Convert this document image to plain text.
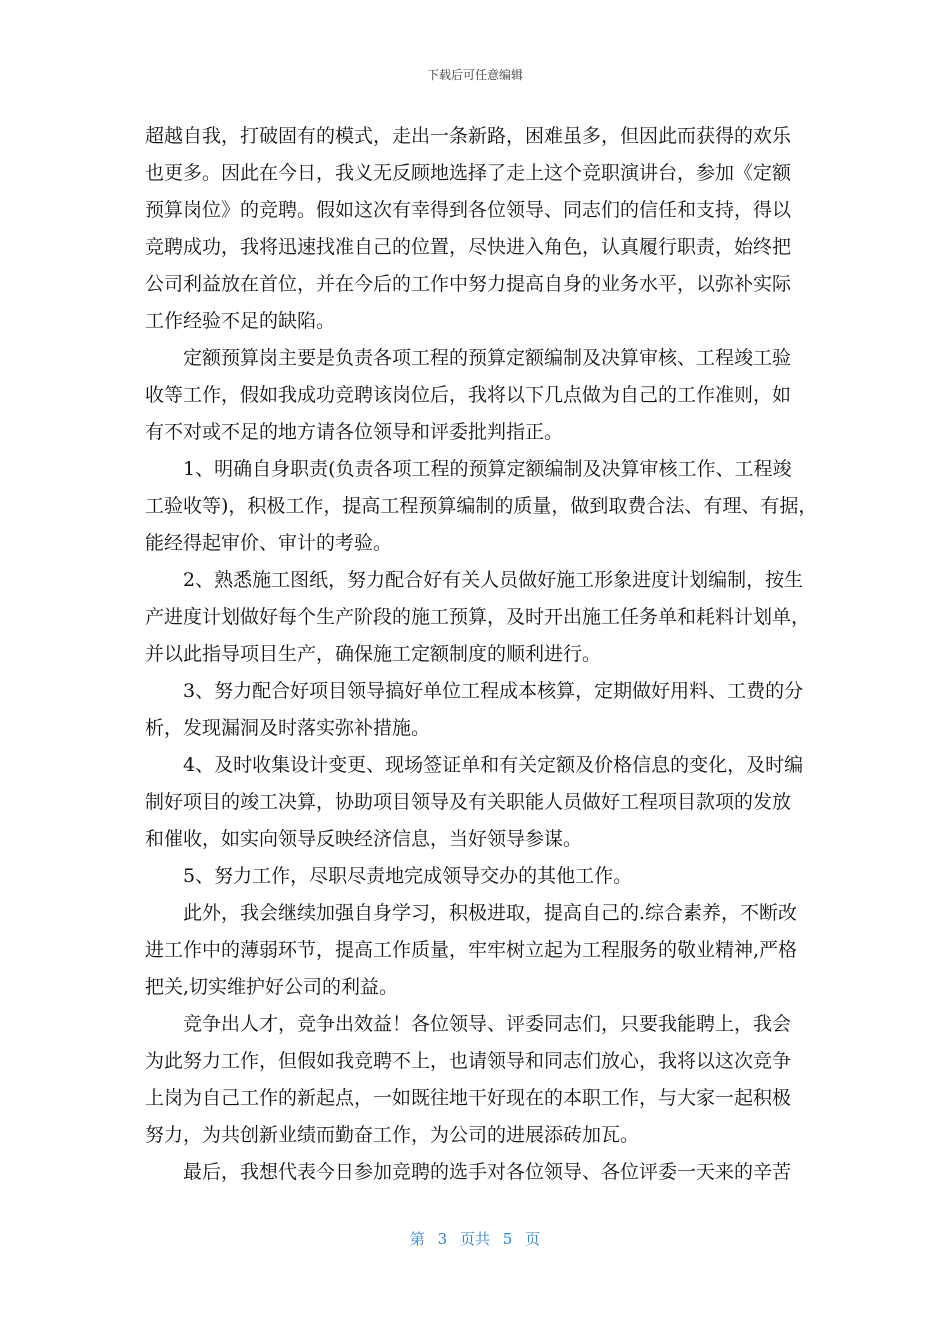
下载后可任意编辑
超越自我，打破固有的模式，走出一条新路，困难虽多，但因此而获得的欢乐
也更多。因此在今日，我义无反顾地选择了走上这个竞职演讲台，参加《定额
预算岗位》的竞聘。假如这次有幸得到各位领导、同志们的信任和支持，得以
竞聘成功，我将迅速找准自己的位置，尽快进入角色，认真履行职责，始终把
公司利益放在首位，并在今后的工作中努力提高自身的业务水平，以弥补实际
工作经验不足的缺陷。
　　定额预算岗主要是负责各项工程的预算定额编制及决算审核、工程竣工验
收等工作，假如我成功竞聘该岗位后，我将以下几点做为自己的工作准则，如
有不对或不足的地方请各位领导和评委批判指正。
　　1、明确自身职责(负责各项工程的预算定额编制及决算审核工作、工程竣
工验收等)，积极工作，提高工程预算编制的质量，做到取费合法、有理、有据，
能经得起审价、审计的考验。
　　2、熟悉施工图纸，努力配合好有关人员做好施工形象进度计划编制，按生
产进度计划做好每个生产阶段的施工预算，及时开出施工任务单和耗料计划单，
并以此指导项目生产，确保施工定额制度的顺利进行。
　　3、努力配合好项目领导搞好单位工程成本核算，定期做好用料、工费的分
析，发现漏洞及时落实弥补措施。
　　4、及时收集设计变更、现场签证单和有关定额及价格信息的变化，及时编
制好项目的竣工决算，协助项目领导及有关职能人员做好工程项目款项的发放
和催收，如实向领导反映经济信息，当好领导参谋。
　　5、努力工作，尽职尽责地完成领导交办的其他工作。
　　此外，我会继续加强自身学习，积极进取，提高自己的.综合素养，不断改
进工作中的薄弱环节，提高工作质量，牢牢树立起为工程服务的敬业精神,严格
把关,切实维护好公司的利益。
　　竞争出人才，竞争出效益！各位领导、评委同志们，只要我能聘上，我会
为此努力工作，但假如我竞聘不上，也请领导和同志们放心，我将以这次竞争
上岗为自己工作的新起点，一如既往地干好现在的本职工作，与大家一起积极
努力，为共创新业绩而勤奋工作，为公司的进展添砖加瓦。
　　最后，我想代表今日参加竞聘的选手对各位领导、各位评委一天来的辛苦
第 3 页共 5 页
